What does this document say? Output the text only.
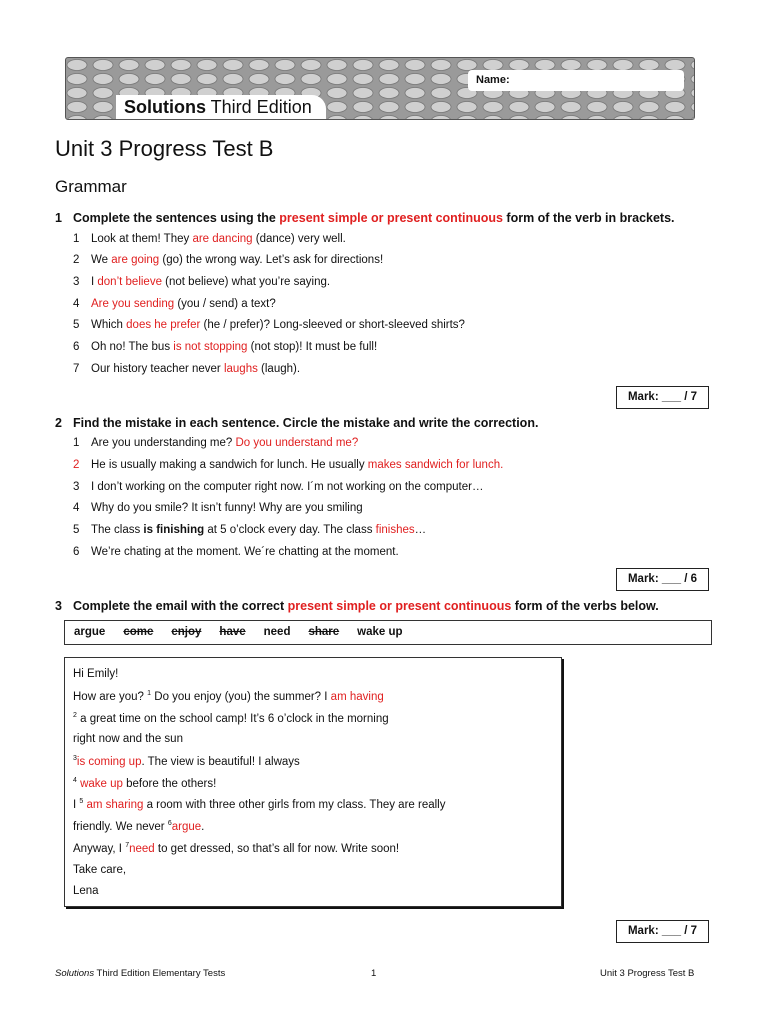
Solutions Third Edition
Name:
Unit 3 Progress Test B
Grammar
1 Complete the sentences using the present simple or present continuous form of the verb in brackets.
1 Look at them! They are dancing (dance) very well.
2 We are going (go) the wrong way. Let’s ask for directions!
3 I don’t believe (not believe) what you’re saying.
4 Are you sending (you / send) a text?
5 Which does he prefer (he / prefer)? Long-sleeved or short-sleeved shirts?
6 Oh no! The bus is not stopping (not stop)! It must be full!
7 Our history teacher never laughs (laugh).
Mark: ___ / 7
2 Find the mistake in each sentence. Circle the mistake and write the correction.
1 Are you understanding me? Do you understand me?
2 He is usually making a sandwich for lunch. He usually makes sandwich for lunch.
3 I don’t working on the computer right now. I´m not working on the computer…
4 Why do you smile? It isn’t funny! Why are you smiling
5 The class is finishing at 5 o’clock every day. The class finishes…
6 We’re chating at the moment. We´re chatting at the moment.
Mark: ___ / 6
3 Complete the email with the correct present simple or present continuous form of the verbs below.
argue come enjoy have need share wake up
Hi Emily!
How are you? $^1$ Do you enjoy (you) the summer? I am having
$^2$ a great time on the school camp! It’s 6 o’clock in the morning
right now and the sun
$^3$is coming up. The view is beautiful! I always
$^4$ wake up before the others!
I $^5$ am sharing a room with three other girls from my class. They are really
friendly. We never $^6$argue.
Anyway, I $^7$need to get dressed, so that’s all for now. Write soon!
Take care,
Lena
Mark: ___ / 7
Solutions Third Edition Elementary Tests	1	Unit 3 Progress Test B
